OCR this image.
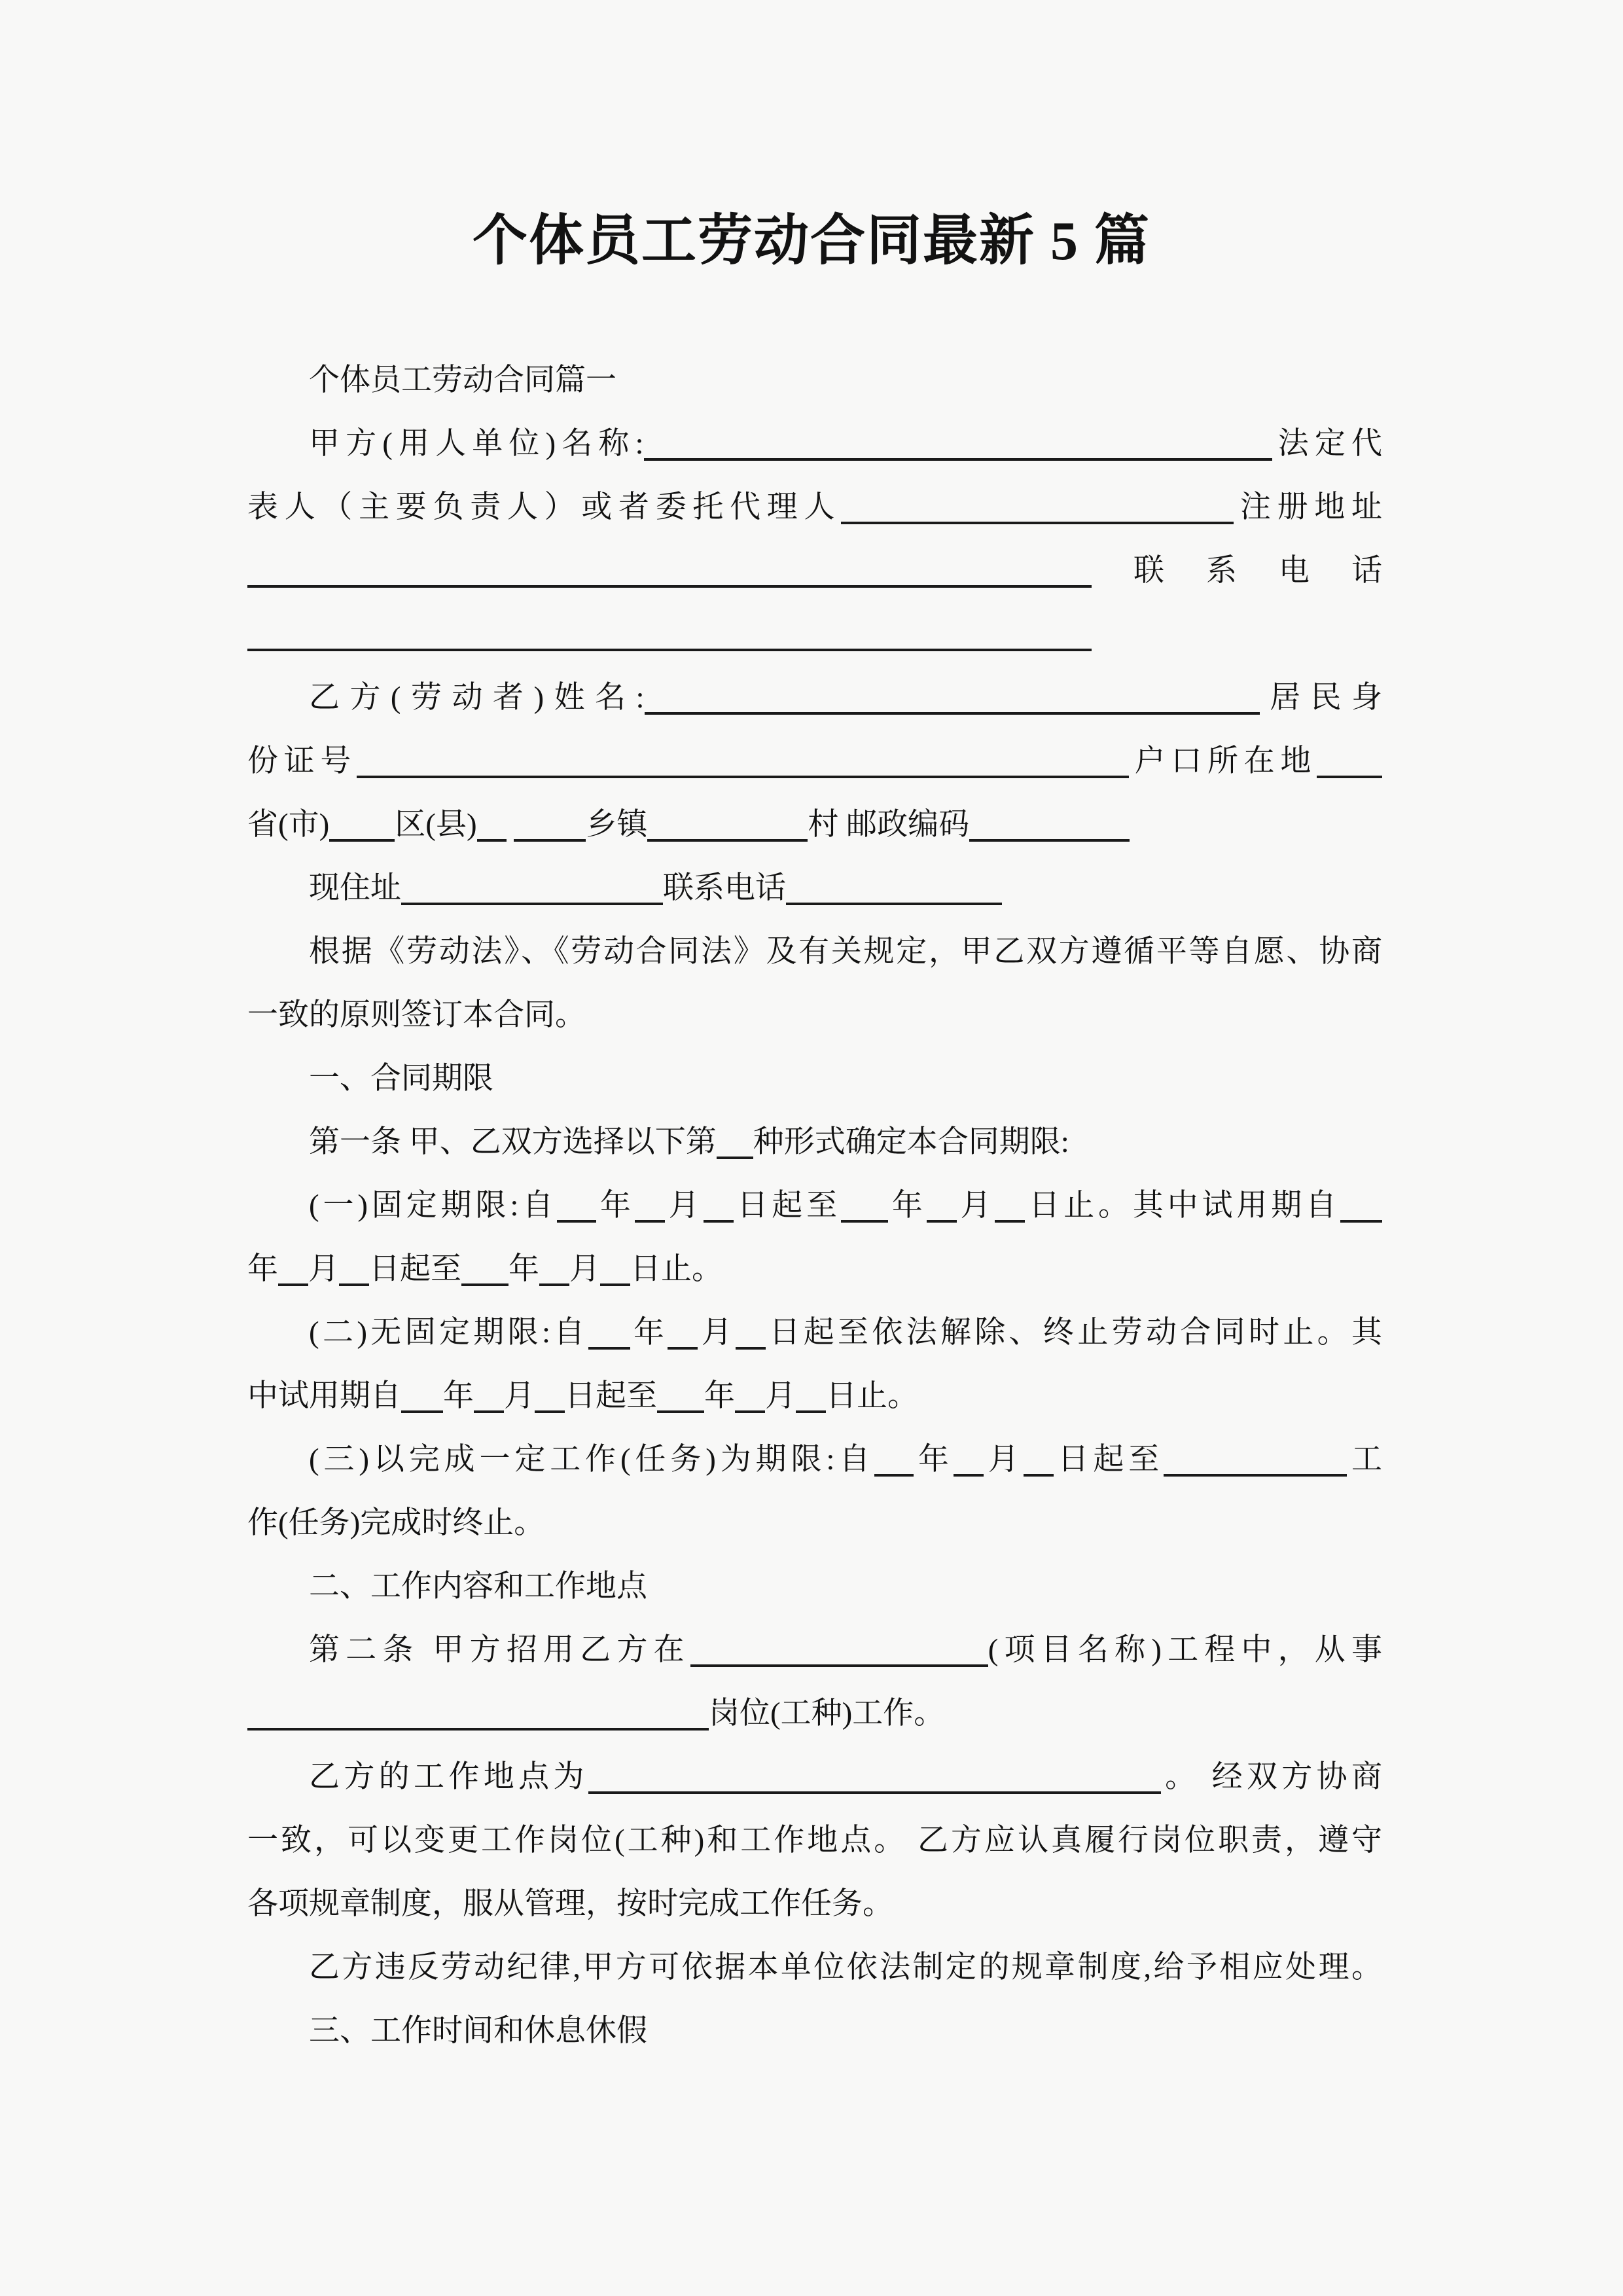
个体员工劳动合同最新 5 篇
个体员工劳动合同篇一
甲方(用人单位)名称:	法定代
表人（主要负责人）或者委托代理人	注册地址
联系电话
乙方(劳动者)姓名:	居民身
份证号	户口所在地
省(市) 区(县)	乡镇	村 邮政编码
现住址	联系电话
根据《劳动法》、《劳动合同法》及有关规定，甲乙双方遵循平等自愿、协商
一致的原则签订本合同。
一、合同期限
第一条 甲、乙双方选择以下第 种形式确定本合同期限:
(一)固定期限:自 年 月 日起至 年 月 日止。其中试用期自
年 月 日起至 年 月 日止。
(二)无固定期限:自 年 月 日起至依法解除、终止劳动合同时止。其
中试用期自 年 月 日起至 年 月 日止。
(三)以完成一定工作(任务)为期限:自 年 月 日起至	工
作(任务)完成时终止。
二、工作内容和工作地点
第二条 甲方招用乙方在	(项目名称)工程中，从事
岗位(工种)工作。
乙方的工作地点为	。 经双方协商
一致，可以变更工作岗位(工种)和工作地点。 乙方应认真履行岗位职责，遵守
各项规章制度，服从管理，按时完成工作任务。
乙方违反劳动纪律,甲方可依据本单位依法制定的规章制度,给予相应处理。
三、工作时间和休息休假
